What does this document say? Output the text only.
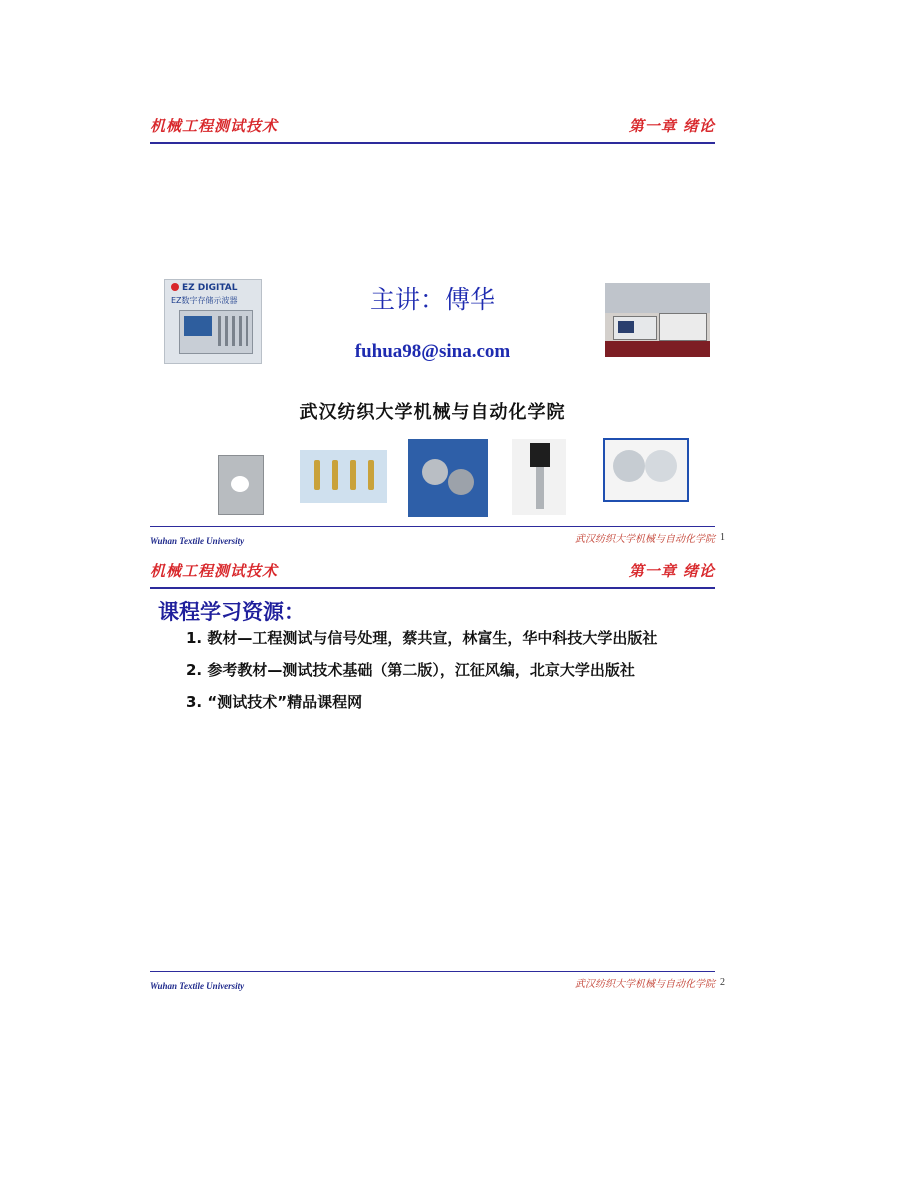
机械工程测试技术	第一章 绪论
EZ DIGITAL
EZ数字存储示波器	主讲：傅华
fuhua98@sina.com
武汉纺织大学机械与自动化学院
Wuhan Textile University	武汉纺织大学机械与自动化学院 1
机械工程测试技术	第一章 绪论
课程学习资源：
1. 教材—工程测试与信号处理，蔡共宣，林富生，华中科技大学出版社
2. 参考教材—测试技术基础（第二版），江征风编，北京大学出版社
3. “测试技术”精品课程网
Wuhan Textile University	武汉纺织大学机械与自动化学院 2
